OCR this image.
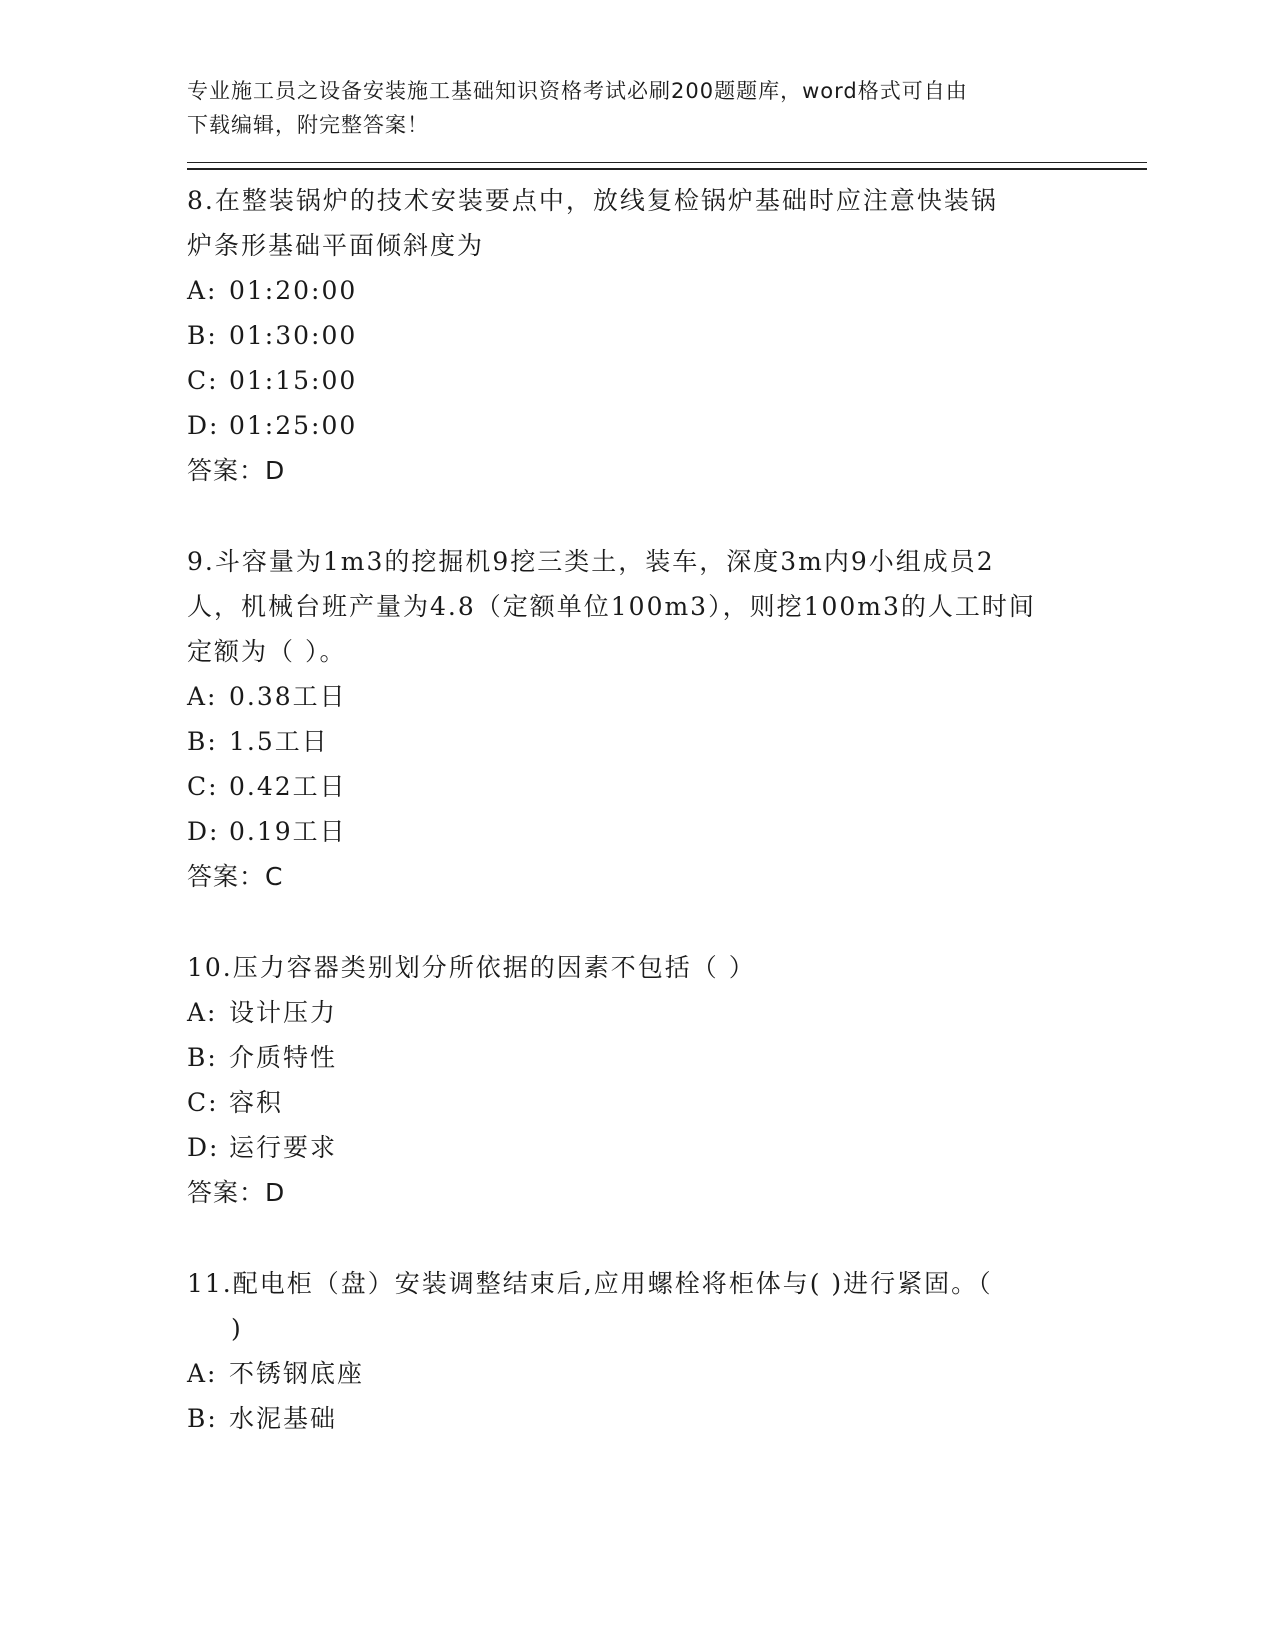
专业施工员之设备安装施工基础知识资格考试必刷200题题库，word格式可自由
下载编辑，附完整答案！
8.在整装锅炉的技术安装要点中，放线复检锅炉基础时应注意快装锅
炉条形基础平面倾斜度为
A: 01:20:00
B: 01:30:00
C: 01:15:00
D: 01:25:00
答案：D
9.斗容量为1m3的挖掘机9挖三类土，装车，深度3m内9小组成员2
人，机械台班产量为4.8（定额单位100m3），则挖100m3的人工时间
定额为（ ）。
A: 0.38工日
B: 1.5工日
C: 0.42工日
D: 0.19工日
答案：C
10.压力容器类别划分所依据的因素不包括（ ）
A: 设计压力
B: 介质特性
C: 容积
D: 运行要求
答案：D
11.配电柜（盘）安装调整结束后,应用螺栓将柜体与( )进行紧固。（
)
A: 不锈钢底座
B: 水泥基础
